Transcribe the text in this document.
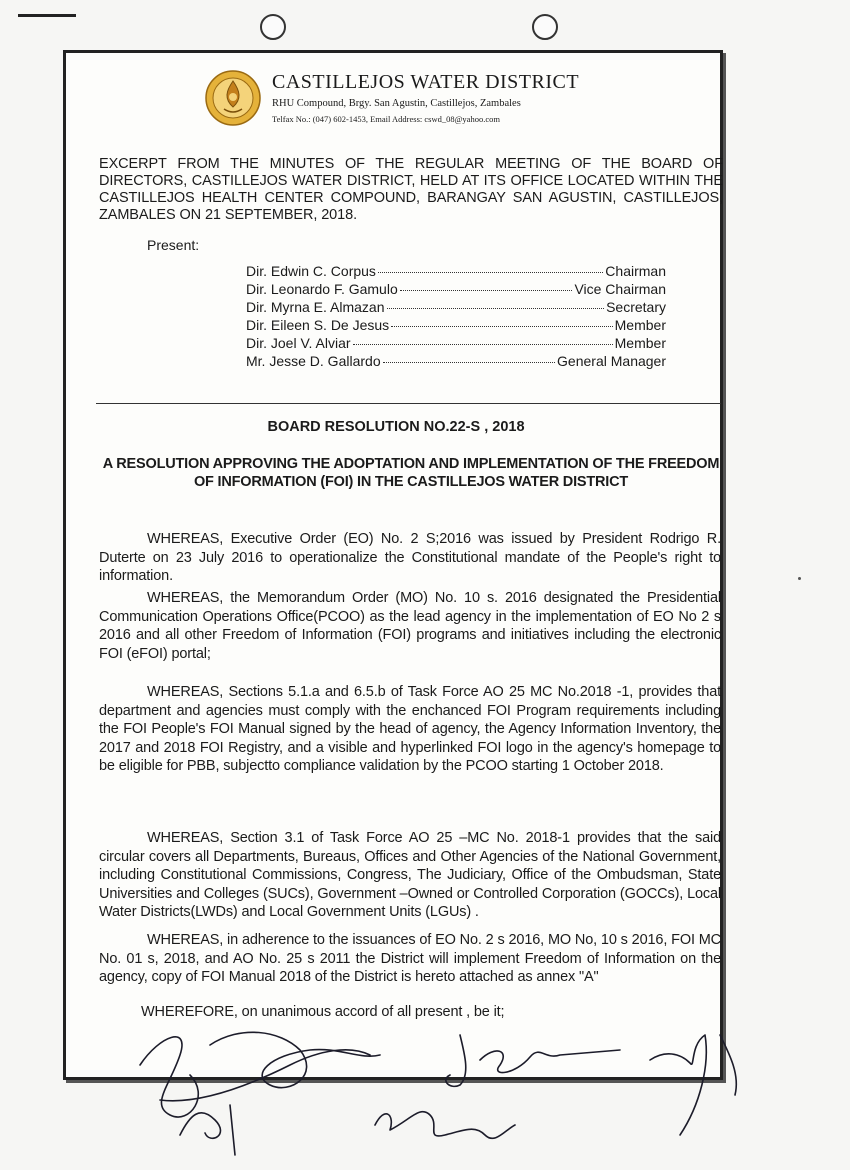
CASTILLEJOS WATER DISTRICT
RHU Compound, Brgy. San Agustin, Castillejos, Zambales
Telfax No.: (047) 602-1453, Email Address: cswd_08@yahoo.com
EXCERPT FROM THE MINUTES OF THE REGULAR MEETING OF THE BOARD OF DIRECTORS, CASTILLEJOS WATER DISTRICT, HELD AT ITS OFFICE LOCATED WITHIN THE CASTILLEJOS HEALTH CENTER COMPOUND, BARANGAY SAN AGUSTIN, CASTILLEJOS, ZAMBALES ON 21 SEPTEMBER, 2018.
Present:
Dir. Edwin C. Corpus	Chairman
Dir. Leonardo F. Gamulo	Vice Chairman
Dir. Myrna E. Almazan	Secretary
Dir. Eileen S. De Jesus	Member
Dir. Joel V. Alviar	Member
Mr. Jesse D. Gallardo	General Manager
BOARD RESOLUTION NO.22-S , 2018
A RESOLUTION APPROVING THE ADOPTATION AND IMPLEMENTATION OF THE FREEDOM OF INFORMATION (FOI) IN THE CASTILLEJOS WATER DISTRICT
WHEREAS, Executive Order (EO) No. 2 S;2016 was issued by President Rodrigo R. Duterte on 23 July 2016 to operationalize the Constitutional mandate of the People's right to information.
WHEREAS, the Memorandum Order (MO) No. 10 s. 2016 designated the Presidential Communication Operations Office(PCOO) as the lead agency in the implementation of EO No 2 s 2016 and all other Freedom of Information (FOI) programs and initiatives including the electronic FOI (eFOI) portal;
WHEREAS, Sections 5.1.a and 6.5.b of Task Force AO 25 MC No.2018 -1, provides that department and agencies must comply with the enchanced FOI Program requirements including the FOI People's FOI Manual signed by the head of agency, the Agency Information Inventory, the 2017 and 2018 FOI Registry, and a visible and hyperlinked FOI logo in the agency's homepage to be eligible for PBB, subjectto compliance validation by the PCOO starting 1 October 2018.
WHEREAS, Section 3.1 of Task Force AO 25 –MC No. 2018-1 provides that the said circular covers all Departments, Bureaus, Offices and Other Agencies of the National Government, including Constitutional Commissions, Congress, The Judiciary, Office of the Ombudsman, State Universities and Colleges (SUCs), Government –Owned or Controlled Corporation (GOCCs), Local Water Districts(LWDs) and Local Government Units (LGUs) .
WHEREAS, in adherence to the issuances of EO No. 2 s 2016, MO No, 10 s 2016, FOI MC No. 01 s, 2018, and AO No. 25 s 2011 the District will implement Freedom of Information on the agency, copy of FOI Manual 2018 of the District is hereto attached as annex "A"
WHEREFORE, on unanimous accord of all present , be it;
